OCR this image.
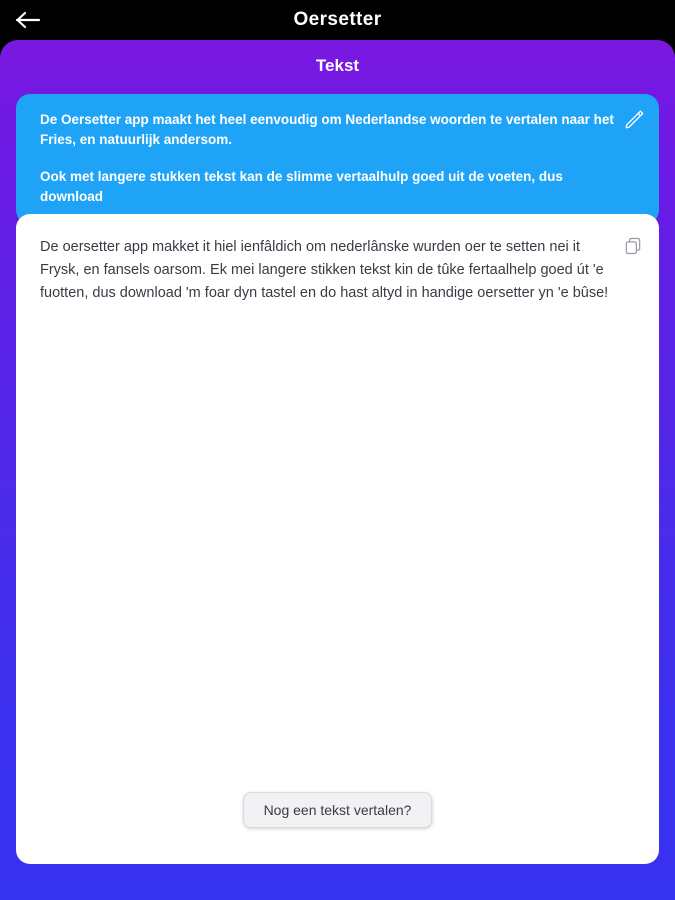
Oersetter
Tekst

De Oersetter app maakt het heel eenvoudig om Nederlandse woorden te vertalen naar het Fries, en natuurlijk andersom.

Ook met langere stukken tekst kan de slimme vertaalhulp goed uit de voeten, dus download

De oersetter app makket it hiel ienfâldich om nederlânske wurden oer te setten nei it Frysk, en fansels oarsom. Ek mei langere stikken tekst kin de tûke fertaalhelp goed út 'e fuotten, dus download 'm foar dyn tastel en do hast altyd in handige oersetter yn 'e bûse!

Nog een tekst vertalen?
